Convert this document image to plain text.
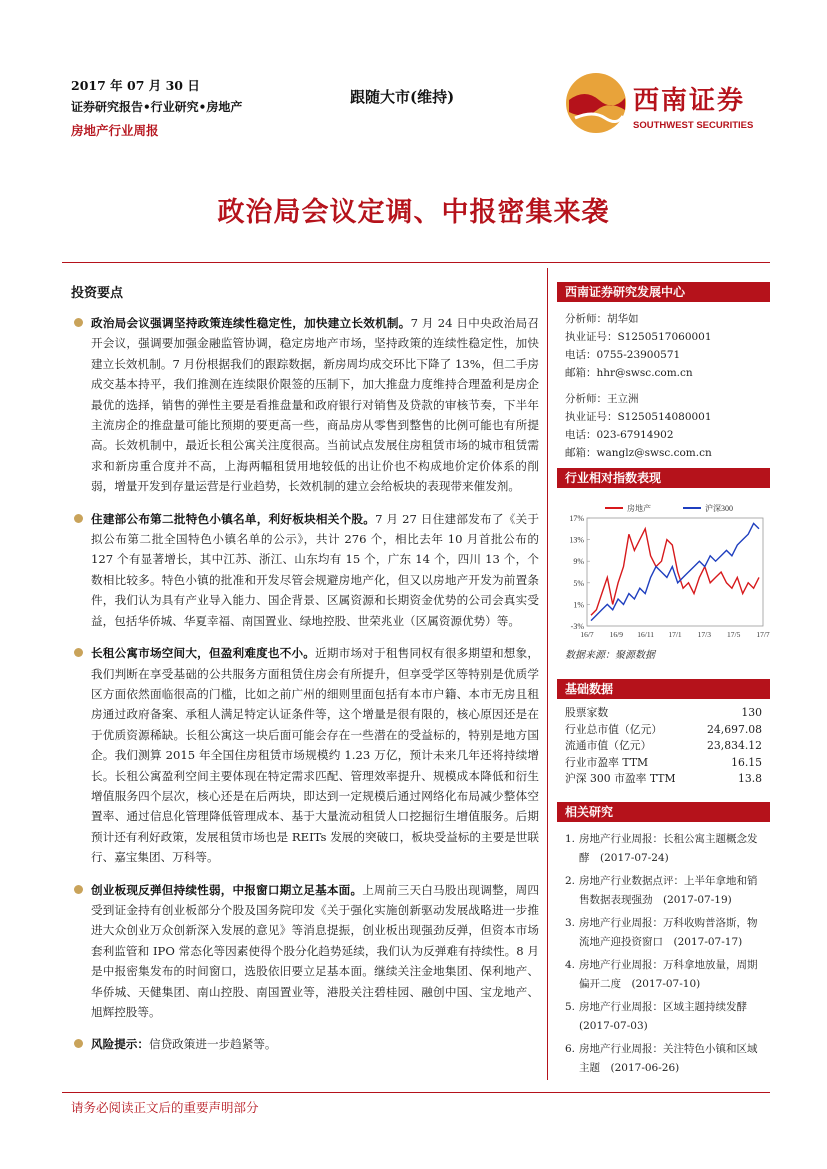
2017 年 07 月 30 日
证券研究报告•行业研究•房地产
房地产行业周报
跟随大市(维持)	西南证券
SOUTHWEST SECURITIES
政治局会议定调、中报密集来袭
投资要点
政治局会议强调坚持政策连续性稳定性，加快建立长效机制。7 月 24 日中央政治局召开会议，强调要加强金融监管协调，稳定房地产市场，坚持政策的连续性稳定性，加快建立长效机制。7 月份根据我们的跟踪数据，新房周均成交环比下降了 13%，但二手房成交基本持平，我们推测在连续限价限签的压制下，加大推盘力度维持合理盈利是房企最优的选择，销售的弹性主要是看推盘量和政府银行对销售及贷款的审核节奏，下半年主流房企的推盘量可能比预期的要更高一些，商品房从零售到整售的比例可能也有所提高。长效机制中，最近长租公寓关注度很高。当前试点发展住房租赁市场的城市租赁需求和新房重合度并不高，上海两幅租赁用地较低的出让价也不构成地价定价体系的削弱，增量开发到存量运营是行业趋势，长效机制的建立会给板块的表现带来催发剂。
住建部公布第二批特色小镇名单，利好板块相关个股。7 月 27 日住建部发布了《关于拟公布第二批全国特色小镇名单的公示》，共计 276 个，相比去年 10 月首批公布的 127 个有显著增长，其中江苏、浙江、山东均有 15 个，广东 14 个，四川 13 个，个数相比较多。特色小镇的批准和开发尽管会规避房地产化，但又以房地产开发为前置条件，我们认为具有产业导入能力、国企背景、区属资源和长期资金优势的公司会真实受益，包括华侨城、华夏幸福、南国置业、绿地控股、世荣兆业（区属资源优势）等。
长租公寓市场空间大，但盈利难度也不小。近期市场对于租售同权有很多期望和想象，我们判断在享受基础的公共服务方面租赁住房会有所提升，但享受学区等特别是优质学区方面依然面临很高的门槛，比如之前广州的细则里面包括有本市户籍、本市无房且租房通过政府备案、承租人满足特定认证条件等，这个增量是很有限的，核心原因还是在于优质资源稀缺。长租公寓这一块后面可能会存在一些潜在的受益标的，特别是地方国企。我们测算 2015 年全国住房租赁市场规模约 1.23 万亿，预计未来几年还将持续增长。长租公寓盈利空间主要体现在特定需求匹配、管理效率提升、规模成本降低和衍生增值服务四个层次，核心还是在后两块，即达到一定规模后通过网络化布局减少整体空置率、通过信息化管理降低管理成本、基于大量流动租赁人口挖掘衍生增值服务。后期预计还有利好政策，发展租赁市场也是 REITs 发展的突破口，板块受益标的主要是世联行、嘉宝集团、万科等。
创业板现反弹但持续性弱，中报窗口期立足基本面。上周前三天白马股出现调整，周四受到证金持有创业板部分个股及国务院印发《关于强化实施创新驱动发展战略进一步推进大众创业万众创新深入发展的意见》等消息提振，创业板出现强劲反弹，但资本市场套利监管和 IPO 常态化等因素使得个股分化趋势延续，我们认为反弹难有持续性。8 月是中报密集发布的时间窗口，选股依旧要立足基本面。继续关注金地集团、保利地产、华侨城、天健集团、南山控股、南国置业等，港股关注碧桂园、融创中国、宝龙地产、旭辉控股等。
风险提示：信贷政策进一步趋紧等。
西南证券研究发展中心
分析师：胡华如
执业证号：S1250517060001
电话：0755-23900571
邮箱：hhr@swsc.com.cn
分析师：王立洲
执业证号：S1250514080001
电话：023-67914902
邮箱：wanglz@swsc.com.cn
行业相对指数表现
17%
13%
9%
5%
1%
-3%
16/7 16/9 16/11 17/1 17/3 17/5 17/7
房地产	沪深300
数据来源：聚源数据
基础数据
股票家数	130
行业总市值（亿元）	24,697.08
流通市值（亿元）	23,834.12
行业市盈率 TTM	16.15
沪深 300 市盈率 TTM	13.8
相关研究
1. 房地产行业周报：长租公寓主题概念发酵　(2017-07-24)
2. 房地产行业数据点评：上半年拿地和销售数据表现强劲　(2017-07-19)
3. 房地产行业周报：万科收购普洛斯，物流地产迎投资窗口　(2017-07-17)
4. 房地产行业周报：万科拿地放量，周期偏开二度　(2017-07-10)
5. 房地产行业周报：区域主题持续发酵　(2017-07-03)
6. 房地产行业周报：关注特色小镇和区域主题　(2017-06-26)
请务必阅读正文后的重要声明部分
